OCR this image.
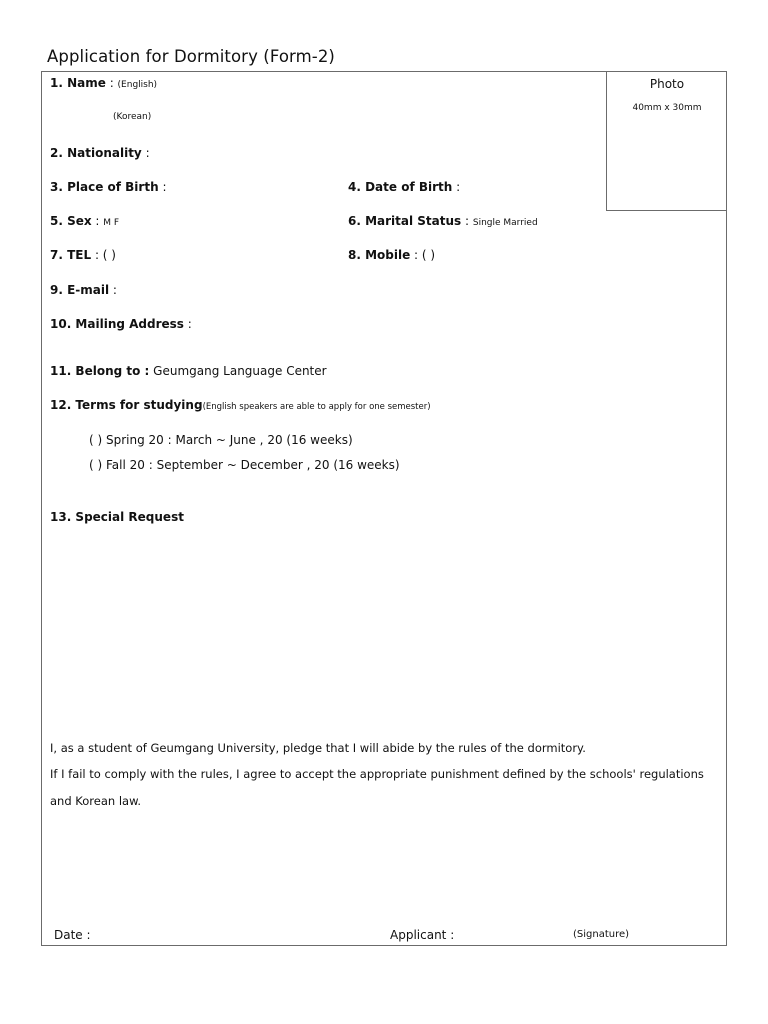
Application for Dormitory (Form-2)
Photo
40mm x 30mm
1. Name : (English)
(Korean)
2. Nationality :
3. Place of Birth :	4. Date of Birth :
5. Sex : M F	6. Marital Status : Single Married
7. TEL : ( )	8. Mobile : ( )
9. E-mail :
10. Mailing Address :
11. Belong to : Geumgang Language Center
12. Terms for studying(English speakers are able to apply for one semester)
( ) Spring 20 : March ~ June , 20 (16 weeks)
( ) Fall 20 : September ~ December , 20 (16 weeks)
13. Special Request
I, as a student of Geumgang University, pledge that I will abide by the rules of the dormitory.
If I fail to comply with the rules, I agree to accept the appropriate punishment defined by the schools' regulations
and Korean law.
Date :	Applicant :	(Signature)
